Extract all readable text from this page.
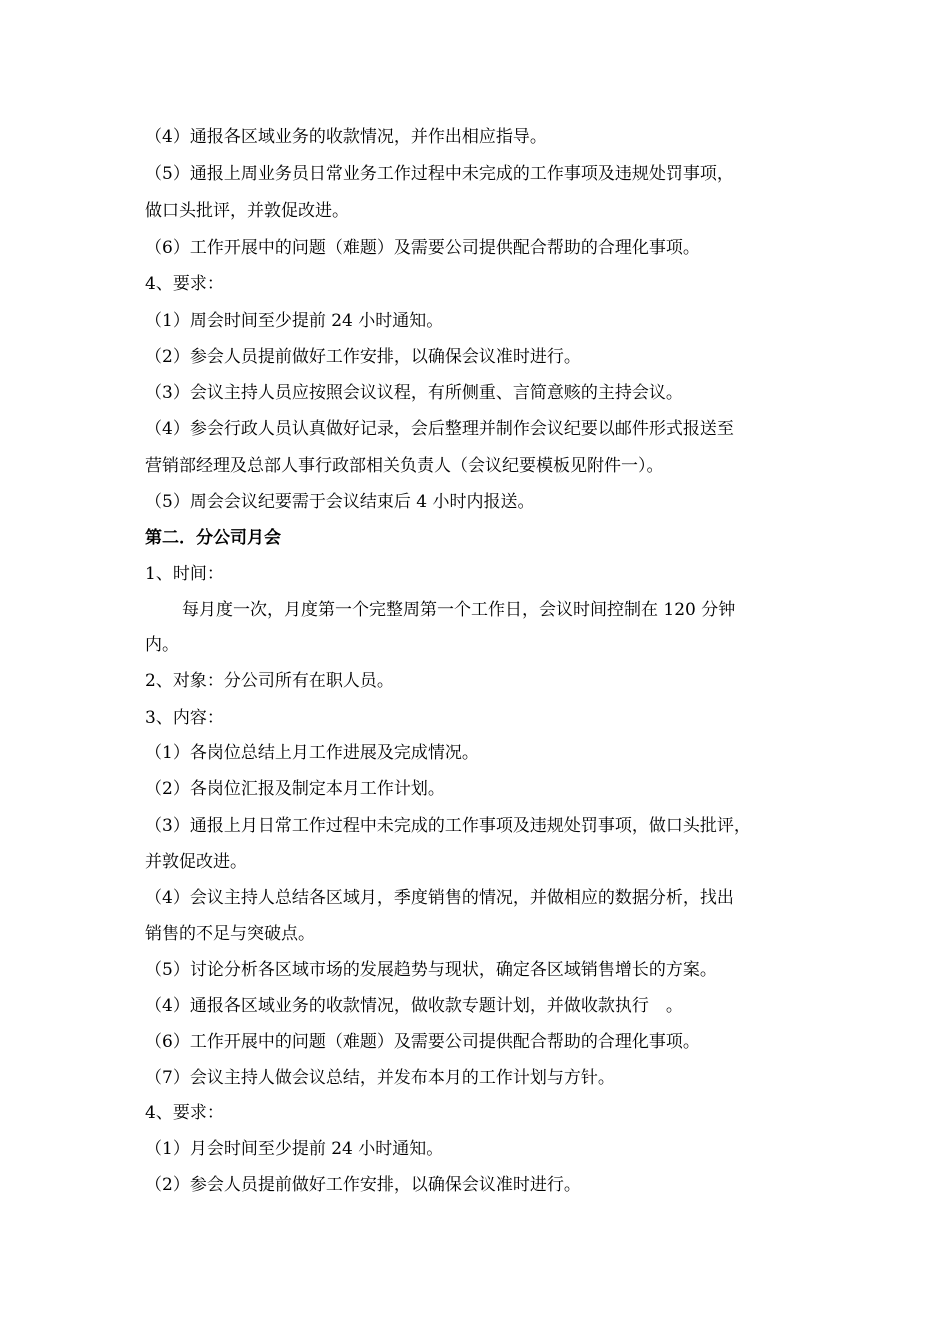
（4）通报各区域业务的收款情况，并作出相应指导。
（5）通报上周业务员日常业务工作过程中未完成的工作事项及违规处罚事项，
做口头批评，并敦促改进。
（6）工作开展中的问题（难题）及需要公司提供配合帮助的合理化事项。
4、要求：
（1）周会时间至少提前 24 小时通知。
（2）参会人员提前做好工作安排，以确保会议准时进行。
（3）会议主持人员应按照会议议程，有所侧重、言简意赅的主持会议。
（4）参会行政人员认真做好记录，会后整理并制作会议纪要以邮件形式报送至
营销部经理及总部人事行政部相关负责人（会议纪要模板见附件一）。
（5）周会会议纪要需于会议结束后 4 小时内报送。
第二．分公司月会
1、时间：
每月度一次，月度第一个完整周第一个工作日，会议时间控制在 120 分钟
内。
2、对象：分公司所有在职人员。
3、内容：
（1）各岗位总结上月工作进展及完成情况。
（2）各岗位汇报及制定本月工作计划。
（3）通报上月日常工作过程中未完成的工作事项及违规处罚事项，做口头批评，
并敦促改进。
（4）会议主持人总结各区域月，季度销售的情况，并做相应的数据分析，找出
销售的不足与突破点。
（5）讨论分析各区域市场的发展趋势与现状，确定各区域销售增长的方案。
（4）通报各区域业务的收款情况，做收款专题计划，并做收款执行　。
（6）工作开展中的问题（难题）及需要公司提供配合帮助的合理化事项。
（7）会议主持人做会议总结，并发布本月的工作计划与方针。
4、要求：
（1）月会时间至少提前 24 小时通知。
（2）参会人员提前做好工作安排，以确保会议准时进行。
